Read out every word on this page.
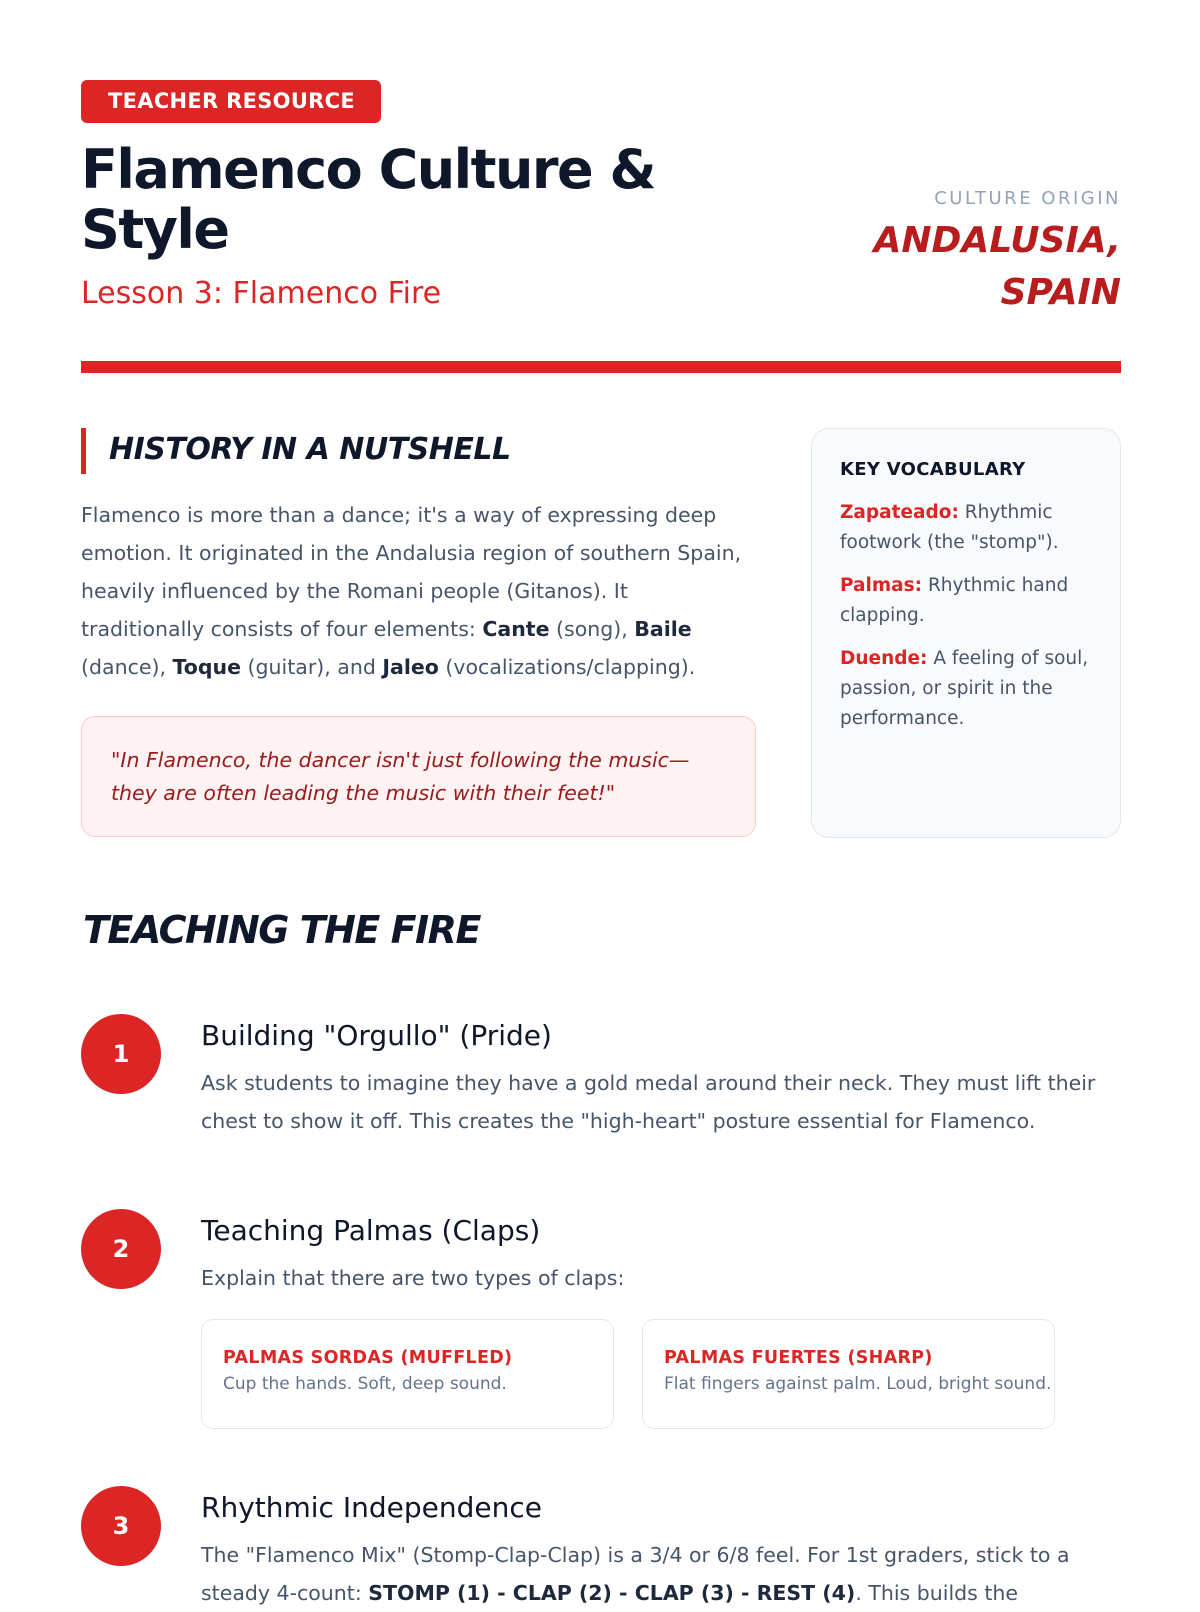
TEACHER RESOURCE
Flamenco Culture & Style
Lesson 3: Flamenco Fire
CULTURE ORIGIN
ANDALUSIA, SPAIN
HISTORY IN A NUTSHELL
Flamenco is more than a dance; it's a way of expressing deep emotion. It originated in the Andalusia region of southern Spain, heavily influenced by the Romani people (Gitanos). It traditionally consists of four elements: Cante (song), Baile (dance), Toque (guitar), and Jaleo (vocalizations/clapping).
"In Flamenco, the dancer isn't just following the music—they are often leading the music with their feet!"
KEY VOCABULARY
Zapateado: Rhythmic footwork (the "stomp").
Palmas: Rhythmic hand clapping.
Duende: A feeling of soul, passion, or spirit in the performance.
TEACHING THE FIRE
1
Building "Orgullo" (Pride)
Ask students to imagine they have a gold medal around their neck. They must lift their chest to show it off. This creates the "high-heart" posture essential for Flamenco.
2
Teaching Palmas (Claps)
Explain that there are two types of claps:
PALMAS SORDAS (MUFFLED)
Cup the hands. Soft, deep sound.
PALMAS FUERTES (SHARP)
Flat fingers against palm. Loud, bright sound.
3
Rhythmic Independence
The "Flamenco Mix" (Stomp-Clap-Clap) is a 3/4 or 6/8 feel. For 1st graders, stick to a steady 4-count: STOMP (1) - CLAP (2) - CLAP (3) - REST (4). This builds the
